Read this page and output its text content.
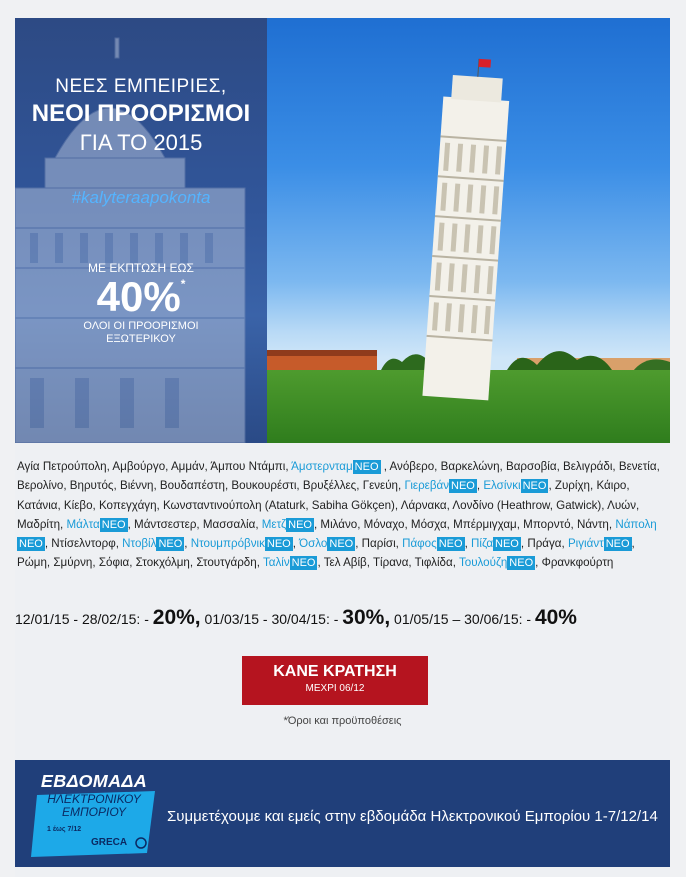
ΝΕΕΣ ΕΜΠΕΙΡΙΕΣ,
ΝΕΟΙ ΠΡΟΟΡΙΣΜΟΙ
ΓΙΑ ΤΟ 2015
#kalyteraapokonta
ΜΕ ΕΚΠΤΩΣΗ ΕΩΣ
40%*
ΟΛΟΙ ΟΙ ΠΡΟΟΡΙΣΜΟΙ
ΕΞΩΤΕΡΙΚΟΥ
Αγία Πετρούπολη, Αμβούργο, Αμμάν, Άμπου Ντάμπι, Άμστερνταμ ΝΕΟ , Ανόβερο, Βαρκελώνη, Βαρσοβία, Βελιγράδι, Βενετία, Βερολίνο, Βηρυτός, Βιέννη, Βουδαπέστη, Βουκουρέστι, Βρυξέλλες, Γενεύη, Γιερεβάν ΝΕΟ , Ελσίνκι ΝΕΟ , Ζυρίχη, Κάιρο, Κατάνια, Κίεβο, Κοπεγχάγη, Κωνσταντινούπολη (Ataturk, Sabiha Gökçen), Λάρνακα, Λονδίνο (Heathrow, Gatwick), Λυών, Μαδρίτη, Μάλτα ΝΕΟ , Μάντσεστερ, Μασσαλία, Μετζ ΝΕΟ , Μιλάνο, Μόναχο, Μόσχα, Μπέρμιγχαμ, Μπορντό, Νάντη, ΝάποληΝΕΟ , Ντίσελντορφ, Ντοβίλ ΝΕΟ , Ντουμπρόβνικ ΝΕΟ , Όσλο ΝΕΟ , Παρίσι, Πάφος ΝΕΟ , Πίζα ΝΕΟ , Πράγα, Ριγιάντ ΝΕΟ , Ρώμη, Σμύρνη, Σόφια, Στοκχόλμη, Στουτγάρδη, Ταλίν ΝΕΟ , Τελ Αβίβ, Τίρανα, Τιφλίδα, Τουλούζη ΝΕΟ , Φρανκφούρτη
12/01/15 - 28/02/15: - 20%, 01/03/15 - 30/04/15: - 30%, 01/05/15 – 30/06/15: - 40%
ΚΑΝΕ ΚΡΑΤΗΣΗ
ΜΕΧΡΙ 06/12
*Όροι και προϋποθέσεις
ΕΒΔΟΜΑΔΑ
ΗΛΕΚΤΡΟΝΙΚΟΥ
ΕΜΠΟΡΙΟΥ
1 έως 7/12
GRECA
Συμμετέχουμε και εμείς στην εβδομάδα Ηλεκτρονικού Εμπορίου 1-7/12/14
